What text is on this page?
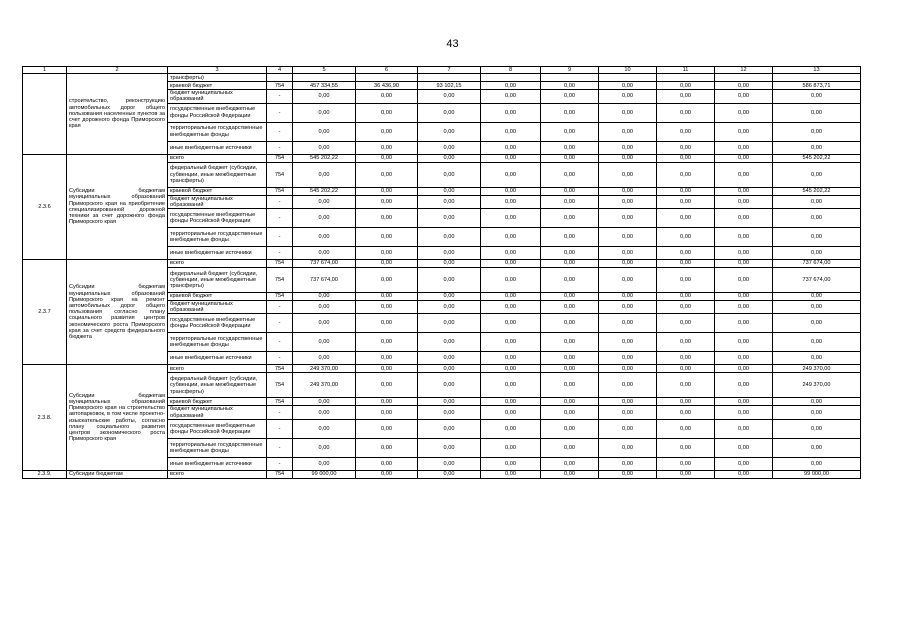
43
1	2	3	4	5	6	7	8	9	10	11	12	13
	строительство, реконструкцию автомобильных дорог общего пользования населенных пунктов за счет дорожного фонда Приморского края	трансферты)										
		краевой бюджет	754	457 334,55	36 436,90	93 102,15	0,00	0,00	0,00	0,00	0,00	586 873,71
		бюджет муниципальных образований	-	0,00	0,00	0,00	0,00	0,00	0,00	0,00	0,00	0,00
		государственные внебюджетные фонды Российской Федерации	-	0,00	0,00	0,00	0,00	0,00	0,00	0,00	0,00	0,00
		территориальные государственные внебюджетные фонды	-	0,00	0,00	0,00	0,00	0,00	0,00	0,00	0,00	0,00
		иные внебюджетные источники	-	0,00	0,00	0,00	0,00	0,00	0,00	0,00	0,00	0,00
2.3.6	Субсидии бюджетам муниципальных образований Приморского края на приобретение специализированной дорожной техники за счет дорожного фонда Приморского края	всего	754	545 202,22	0,00	0,00	0,00	0,00	0,00	0,00	0,00	545 202,22
		федеральный бюджет (субсидии, субвенции, иные межбюджетные трансферты)	754	0,00	0,00	0,00	0,00	0,00	0,00	0,00	0,00	0,00
		краевой бюджет	754	545 202,22	0,00	0,00	0,00	0,00	0,00	0,00	0,00	545 202,22
		бюджет муниципальных образований	-	0,00	0,00	0,00	0,00	0,00	0,00	0,00	0,00	0,00
		государственные внебюджетные фонды Российской Федерации	-	0,00	0,00	0,00	0,00	0,00	0,00	0,00	0,00	0,00
		территориальные государственные внебюджетные фонды	-	0,00	0,00	0,00	0,00	0,00	0,00	0,00	0,00	0,00
		иные внебюджетные источники	-	0,00	0,00	0,00	0,00	0,00	0,00	0,00	0,00	0,00
2.3.7	Субсидии бюджетам муниципальных образований Приморского края на ремонт автомобильных дорог общего пользования согласно плану социального развития центров экономического роста Приморского края за счет средств федерального бюджета	всего	754	737 674,00	0,00	0,00	0,00	0,00	0,00	0,00	0,00	737 674,00
		федеральный бюджет (субсидии, субвенции, иные межбюджетные трансферты)	754	737 674,00	0,00	0,00	0,00	0,00	0,00	0,00	0,00	737 674,00
		краевой бюджет	754	0,00	0,00	0,00	0,00	0,00	0,00	0,00	0,00	0,00
		бюджет муниципальных образований	-	0,00	0,00	0,00	0,00	0,00	0,00	0,00	0,00	0,00
		государственные внебюджетные фонды Российской Федерации	-	0,00	0,00	0,00	0,00	0,00	0,00	0,00	0,00	0,00
		территориальные государственные внебюджетные фонды	-	0,00	0,00	0,00	0,00	0,00	0,00	0,00	0,00	0,00
		иные внебюджетные источники	-	0,00	0,00	0,00	0,00	0,00	0,00	0,00	0,00	0,00
2.3.8.	Субсидии бюджетам муниципальных образований Приморского края на строительство автопарковок, в том числе проектно-изыскательские работы, согласно плану социального развития центров экономического роста Приморского края	всего	754	249 370,00	0,00	0,00	0,00	0,00	0,00	0,00	0,00	249 370,00
		федеральный бюджет (субсидии, субвенции, иные межбюджетные трансферты)	754	249 370,00	0,00	0,00	0,00	0,00	0,00	0,00	0,00	249 370,00
		краевой бюджет	754	0,00	0,00	0,00	0,00	0,00	0,00	0,00	0,00	0,00
		бюджет муниципальных образований	-	0,00	0,00	0,00	0,00	0,00	0,00	0,00	0,00	0,00
		государственные внебюджетные фонды Российской Федерации	-	0,00	0,00	0,00	0,00	0,00	0,00	0,00	0,00	0,00
		территориальные государственные внебюджетные фонды	-	0,00	0,00	0,00	0,00	0,00	0,00	0,00	0,00	0,00
		иные внебюджетные источники	-	0,00	0,00	0,00	0,00	0,00	0,00	0,00	0,00	0,00
2.3.9.	Субсидии бюджетам	всего	754	99 000,00	0,00	0,00	0,00	0,00	0,00	0,00	0,00	99 000,00
